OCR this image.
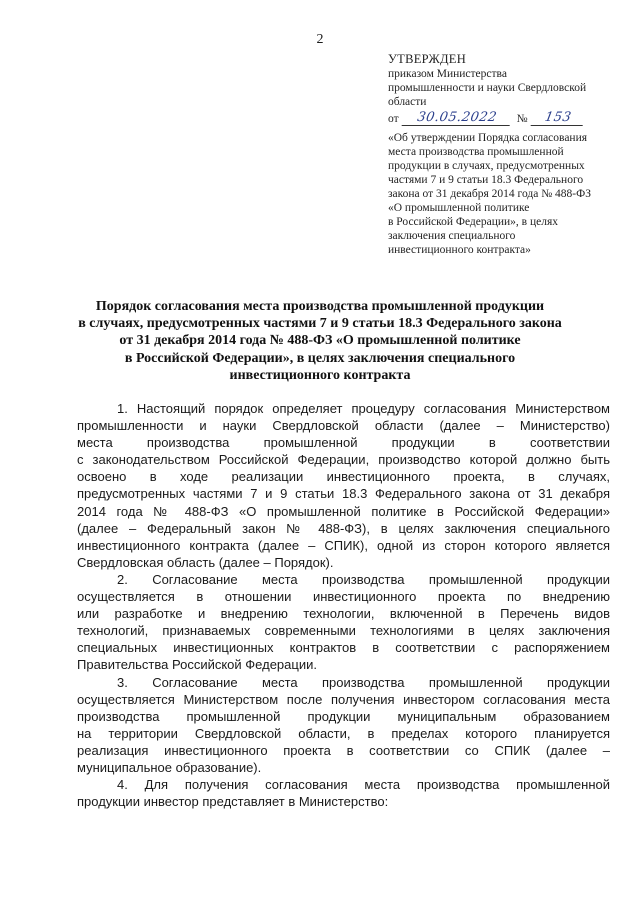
2
УТВЕРЖДЕН
приказом Министерства
промышленности и науки Свердловской
области
от	30.05.2022	№	153
«Об утверждении Порядка согласования
места производства промышленной
продукции в случаях, предусмотренных
частями 7 и 9 статьи 18.3 Федерального
закона от 31 декабря 2014 года № 488-ФЗ
«О промышленной политике
в Российской Федерации», в целях
заключения специального
инвестиционного контракта»
Порядок согласования места производства промышленной продукции
в случаях, предусмотренных частями 7 и 9 статьи 18.3 Федерального закона
от 31 декабря 2014 года № 488-ФЗ «О промышленной политике
в Российской Федерации», в целях заключения специального
инвестиционного контракта
1. Настоящий порядок определяет процедуру согласования Министерством
промышленности и науки Свердловской области (далее – Министерство)
места производства промышленной продукции в соответствии
с законодательством Российской Федерации, производство которой должно быть
освоено в ходе реализации инвестиционного проекта, в случаях,
предусмотренных частями 7 и 9 статьи 18.3 Федерального закона от 31 декабря
2014 года № 488-ФЗ «О промышленной политике в Российской Федерации»
(далее – Федеральный закон № 488-ФЗ), в целях заключения специального
инвестиционного контракта (далее – СПИК), одной из сторон которого является
Свердловская область (далее – Порядок).
2. Согласование места производства промышленной продукции
осуществляется в отношении инвестиционного проекта по внедрению
или разработке и внедрению технологии, включенной в Перечень видов
технологий, признаваемых современными технологиями в целях заключения
специальных инвестиционных контрактов в соответствии с распоряжением
Правительства Российской Федерации.
3. Согласование места производства промышленной продукции
осуществляется Министерством после получения инвестором согласования места
производства промышленной продукции муниципальным образованием
на территории Свердловской области, в пределах которого планируется
реализация инвестиционного проекта в соответствии со СПИК (далее –
муниципальное образование).
4. Для получения согласования места производства промышленной
продукции инвестор представляет в Министерство:
